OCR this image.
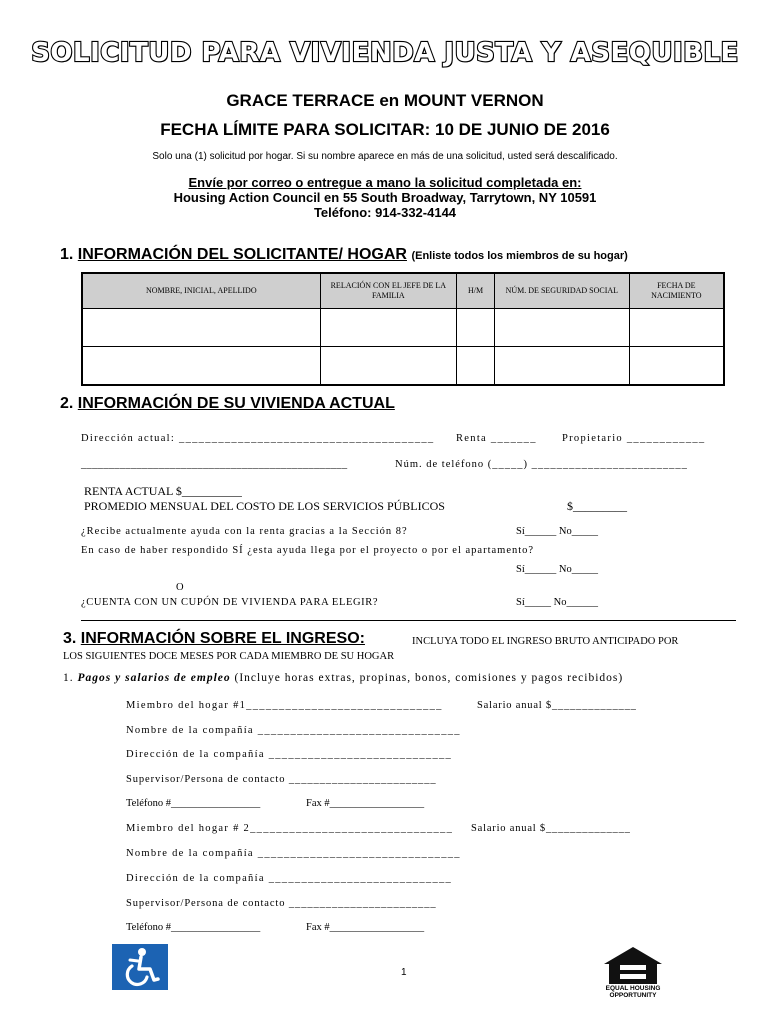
SOLICITUD PARA VIVIENDA JUSTA Y ASEQUIBLE
GRACE TERRACE en MOUNT VERNON
FECHA LÍMITE PARA SOLICITAR: 10 DE JUNIO DE 2016
Solo una (1) solicitud por hogar. Si su nombre aparece en más de una solicitud, usted será descalificado.
Envíe por correo o entregue a mano la solicitud completada en:
Housing Action Council en 55 South Broadway, Tarrytown, NY 10591
Teléfono: 914-332-4144
1. INFORMACIÓN DEL SOLICITANTE/ HOGAR (Enliste todos los miembros de su hogar)
NOMBRE, INICIAL, APELLIDO	RELACIÓN CON EL JEFE DE LA FAMILIA	H/M	NÚM. DE SEGURIDAD SOCIAL	FECHA DE NACIMIENTO

2. INFORMACIÓN DE SU VIVIENDA ACTUAL
Dirección actual: _______________________________________ Renta _______ Propietario ____________
________________________________________________	Núm. de teléfono (_____) _________________________
RENTA ACTUAL $__________
PROMEDIO MENSUAL DEL COSTO DE LOS SERVICIOS PÚBLICOS	$_________
¿Recibe actualmente ayuda con la renta gracias a la Sección 8?	Sí______ No_____
En caso de haber respondido SÍ ¿esta ayuda llega por el proyecto o por el apartamento?
Sí______ No_____
O
¿CUENTA CON UN CUPÓN DE VIVIENDA PARA ELEGIR?	Sí_____ No______
3. INFORMACIÓN SOBRE EL INGRESO:	INCLUYA TODO EL INGRESO BRUTO ANTICIPADO POR
LOS SIGUIENTES DOCE MESES POR CADA MIEMBRO DE SU HOGAR
1. Pagos y salarios de empleo (Incluye horas extras, propinas, bonos, comisiones y pagos recibidos)
Miembro del hogar #1______________________________	Salario anual $______________
Nombre de la compañía _______________________________
Dirección de la compañía ____________________________
Supervisor/Persona de contacto ________________________
Teléfono #_________________	Fax #__________________
Miembro del hogar # 2_______________________________ Salario anual $______________
Nombre de la compañía _______________________________
Dirección de la compañía ____________________________
Supervisor/Persona de contacto ________________________
Teléfono #_________________	Fax #__________________
1
EQUAL HOUSING
OPPORTUNITY
